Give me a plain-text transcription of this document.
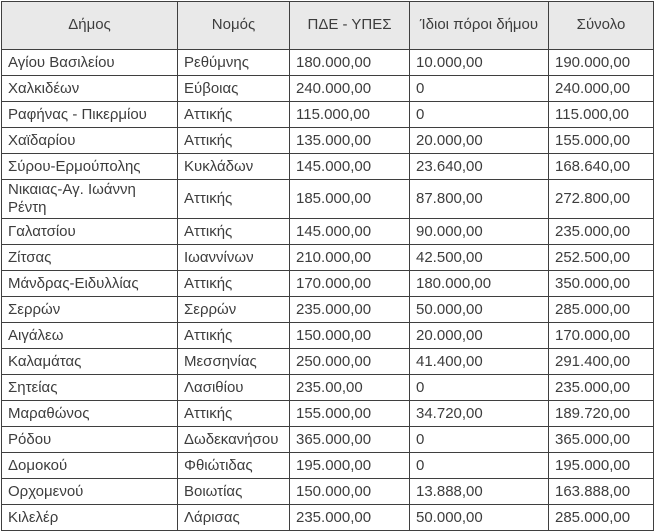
Δήμος	Νομός	ΠΔΕ - ΥΠΕΣ	Ίδιοι πόροι δήμου	Σύνολο
Αγίου Βασιλείου	Ρεθύμνης	180.000,00	10.000,00	190.000,00
Χαλκιδέων	Εύβοιας	240.000,00	0	240.000,00
Ραφήνας - Πικερμίου	Αττικής	115.000,00	0	115.000,00
Χαϊδαρίου	Αττικής	135.000,00	20.000,00	155.000,00
Σύρου-Ερμούπολης	Κυκλάδων	145.000,00	23.640,00	168.640,00
Νικαιας-Αγ. Ιωάννη Ρέντη	Αττικής	185.000,00	87.800,00	272.800,00
Γαλατσίου	Αττικής	145.000,00	90.000,00	235.000,00
Ζίτσας	Ιωαννίνων	210.000,00	42.500,00	252.500,00
Μάνδρας-Ειδυλλίας	Αττικής	170.000,00	180.000,00	350.000,00
Σερρών	Σερρών	235.000,00	50.000,00	285.000,00
Αιγάλεω	Αττικής	150.000,00	20.000,00	170.000,00
Καλαμάτας	Μεσσηνίας	250.000,00	41.400,00	291.400,00
Σητείας	Λασιθίου	235.00,00	0	235.000,00
Μαραθώνος	Αττικής	155.000,00	34.720,00	189.720,00
Ρόδου	Δωδεκανήσου	365.000,00	0	365.000,00
Δομοκού	Φθιώτιδας	195.000,00	0	195.000,00
Ορχομενού	Βοιωτίας	150.000,00	13.888,00	163.888,00
Κιλελέρ	Λάρισας	235.000,00	50.000,00	285.000,00
